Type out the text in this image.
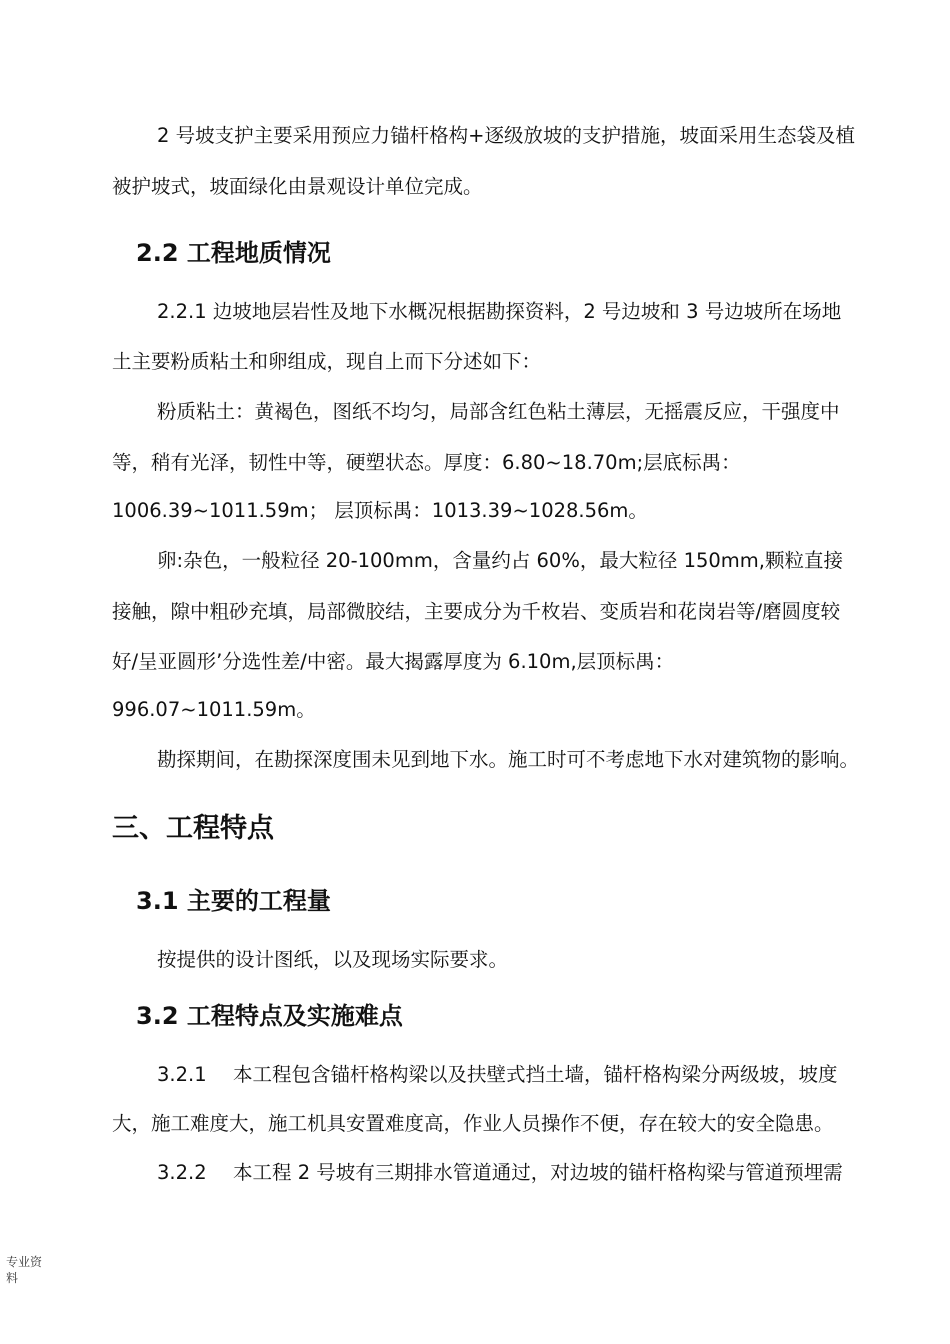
2 号坡支护主要采用预应力锚杆格构+逐级放坡的支护措施，坡面采用生态袋及植
被护坡式，坡面绿化由景观设计单位完成。
2.2 工程地质情况
2.2.1 边坡地层岩性及地下水概况根据勘探资料，2 号边坡和 3 号边坡所在场地
土主要粉质粘土和卵组成，现自上而下分述如下：
粉质粘土：黄褐色，图纸不均匀，局部含红色粘土薄层，无摇震反应，干强度中
等，稍有光泽，韧性中等，硬塑状态。厚度：6.80~18.70m;层底标禺：
1006.39~1011.59m； 层顶标禺：1013.39~1028.56m。
卵:杂色，一般粒径 20-100mm，含量约占 60%，最大粒径 150mm,颗粒直接
接触，隙中粗砂充填，局部微胶结，主要成分为千枚岩、变质岩和花岗岩等/磨圆度较
好/呈亚圆形’分选性差/中密。最大揭露厚度为 6.10m,层顶标禺：
996.07~1011.59m。
勘探期间，在勘探深度围未见到地下水。施工时可不考虑地下水对建筑物的影响。
三、工程特点
3.1 主要的工程量
按提供的设计图纸，以及现场实际要求。
3.2 工程特点及实施难点
3.2.1 本工程包含锚杆格构梁以及扶壁式挡土墙，锚杆格构梁分两级坡，坡度
大，施工难度大，施工机具安置难度高，作业人员操作不便，存在较大的安全隐患。
3.2.2 本工程 2 号坡有三期排水管道通过，对边坡的锚杆格构梁与管道预埋需
专业资料
